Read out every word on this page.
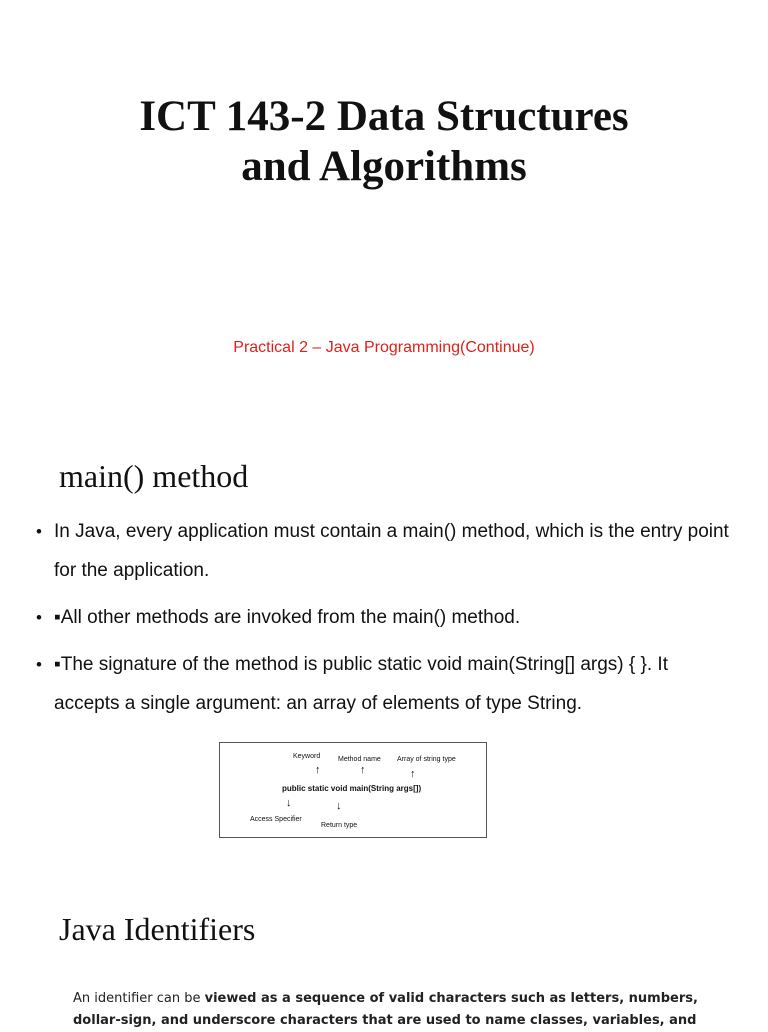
ICT 143-2 Data Structures
and Algorithms
Practical 2 – Java Programming(Continue)
main() method
• In Java, every application must contain a main() method, which is the entry point for the application.
• ▪All other methods are invoked from the main() method.
• ▪The signature of the method is public static void main(String[] args) { }. It accepts a single argument: an array of elements of type String.
Keyword	Method name Array of string type
↑	↑	↑
public static void main(String args[])
↓	↓
Access Specifier
Return type
Java Identifiers
An identifier can be viewed as a sequence of valid characters such as letters, numbers, dollar-sign, and underscore characters that are used to name classes, variables, and
